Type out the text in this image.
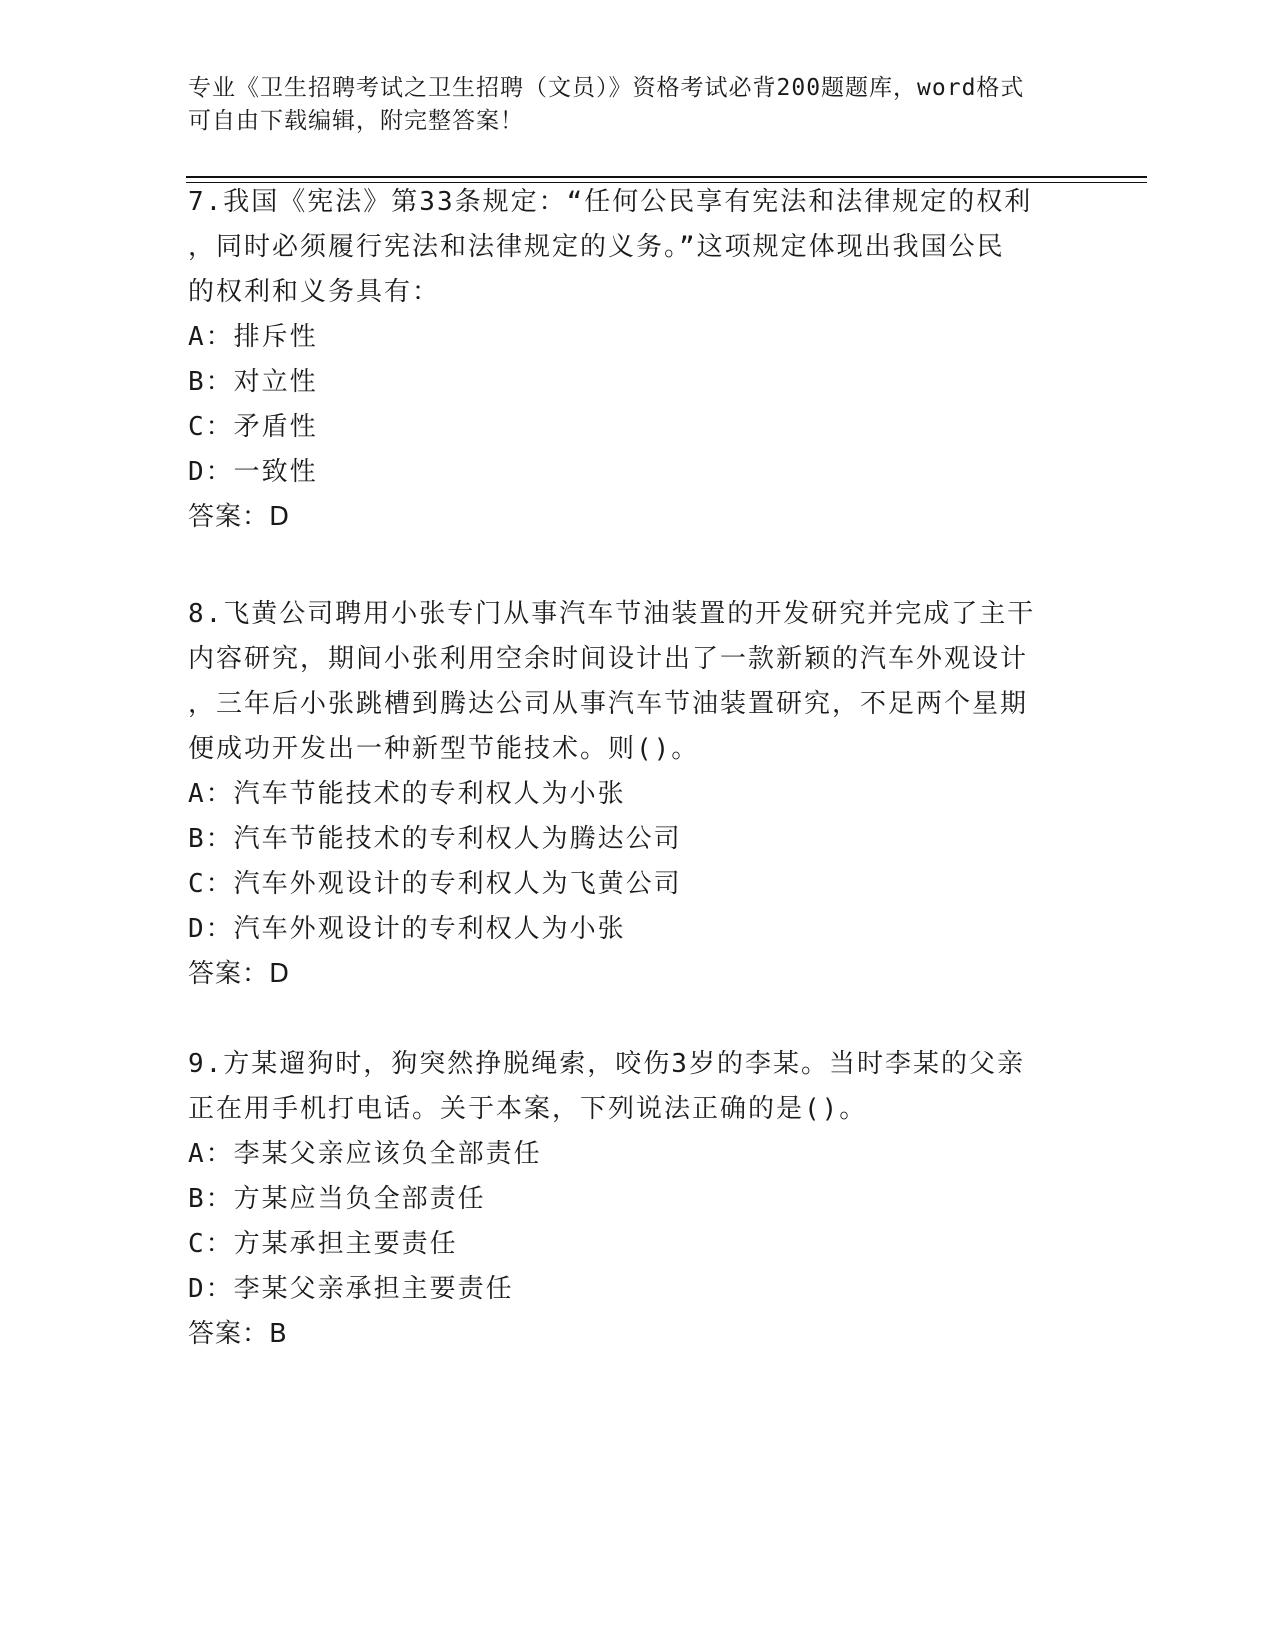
专业《卫生招聘考试之卫生招聘（文员）》资格考试必背200题题库，word格式
可自由下载编辑，附完整答案！
7.我国《宪法》第33条规定：“任何公民享有宪法和法律规定的权利
，同时必须履行宪法和法律规定的义务。”这项规定体现出我国公民
的权利和义务具有：
A：排斥性
B：对立性
C：矛盾性
D：一致性
答案：D
8.飞黄公司聘用小张专门从事汽车节油装置的开发研究并完成了主干
内容研究，期间小张利用空余时间设计出了一款新颖的汽车外观设计
，三年后小张跳槽到腾达公司从事汽车节油装置研究，不足两个星期
便成功开发出一种新型节能技术。则()。
A：汽车节能技术的专利权人为小张
B：汽车节能技术的专利权人为腾达公司
C：汽车外观设计的专利权人为飞黄公司
D：汽车外观设计的专利权人为小张
答案：D
9.方某遛狗时，狗突然挣脱绳索，咬伤3岁的李某。当时李某的父亲
正在用手机打电话。关于本案，下列说法正确的是()。
A：李某父亲应该负全部责任
B：方某应当负全部责任
C：方某承担主要责任
D：李某父亲承担主要责任
答案：B
